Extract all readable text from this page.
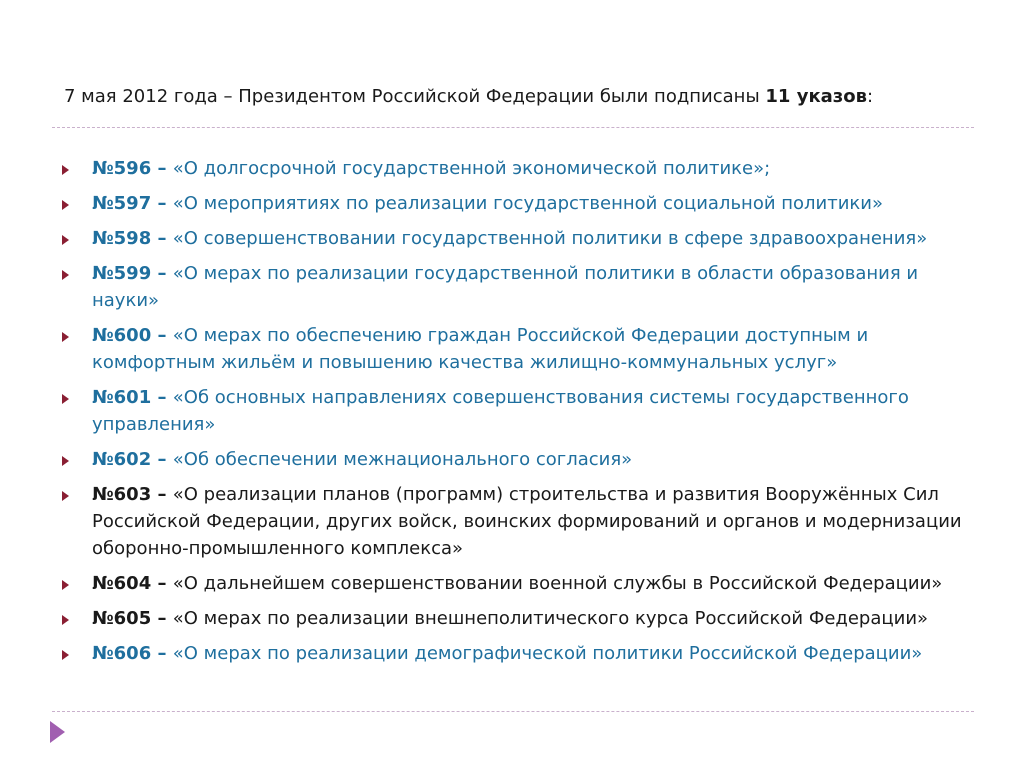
7 мая 2012 года – Президентом Российской Федерации были подписаны 11 указов:
№596 – «О долгосрочной государственной экономической политике»;
№597 – «О мероприятиях по реализации государственной социальной политики»
№598 – «О совершенствовании государственной политики в сфере здравоохранения»
№599 – «О мерах по реализации государственной политики в области образования и науки»
№600 – «О мерах по обеспечению граждан Российской Федерации доступным и комфортным жильём и повышению качества жилищно-коммунальных услуг»
№601 – «Об основных направлениях совершенствования системы государственного управления»
№602 – «Об обеспечении межнационального согласия»
№603 – «О реализации планов (программ) строительства и развития Вооружённых Сил Российской Федерации, других войск, воинских формирований и органов и модернизации оборонно-промышленного комплекса»
№604 – «О дальнейшем совершенствовании военной службы в Российской Федерации»
№605 – «О мерах по реализации внешнеполитического курса Российской Федерации»
№606 – «О мерах по реализации демографической политики Российской Федерации»
